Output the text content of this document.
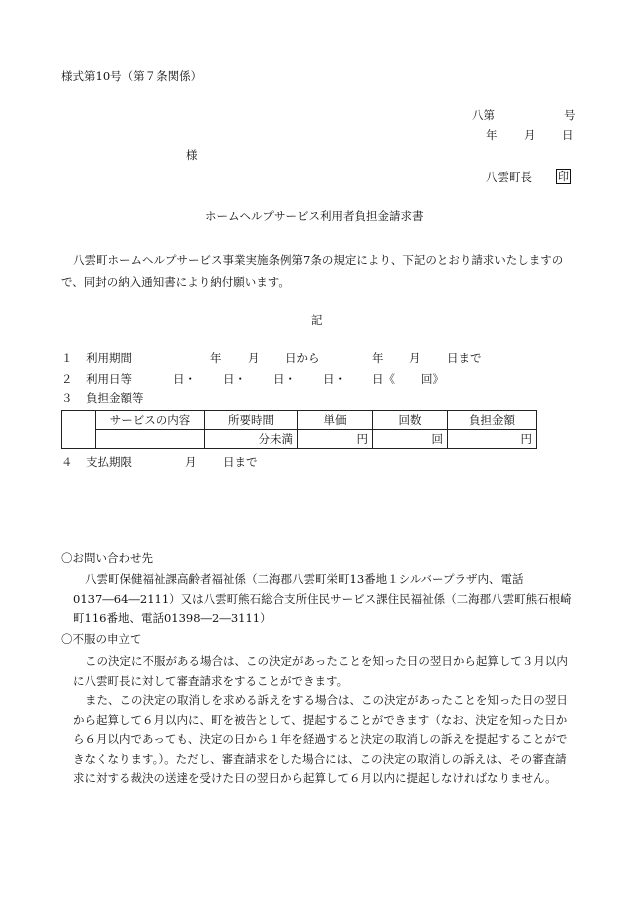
様式第10号（第７条関係）
八第	号
年 月 日
様
八雲町長 印
ホームヘルプサービス利用者負担金請求書
八雲町ホームヘルプサービス事業実施条例第7条の規定により、下記のとおり請求いたしますので、同封の納入通知書により納付願います。
記
１ 利用期間	年 月 日から	年 月 日まで
２ 利用日等	日・ 日・ 日・ 日・ 日《 回》
３ 負担金額等
	サービスの内容	所要時間	単価	回数	負担金額
		分未満	円	回	円
４ 支払期限	月 日まで
〇お問い合わせ先
八雲町保健福祉課高齢者福祉係（二海郡八雲町栄町13番地１シルバープラザ内、電話0137―64―2111）又は八雲町熊石総合支所住民サービス課住民福祉係（二海郡八雲町熊石根崎町116番地、電話01398―2―3111）
〇不服の申立て
この決定に不服がある場合は、この決定があったことを知った日の翌日から起算して３月以内に八雲町長に対して審査請求をすることができます。
また、この決定の取消しを求める訴えをする場合は、この決定があったことを知った日の翌日から起算して６月以内に、町を被告として、提起することができます（なお、決定を知った日から６月以内であっても、決定の日から１年を経過すると決定の取消しの訴えを提起することができなくなります。）。ただし、審査請求をした場合には、この決定の取消しの訴えは、その審査請求に対する裁決の送達を受けた日の翌日から起算して６月以内に提起しなければなりません。
